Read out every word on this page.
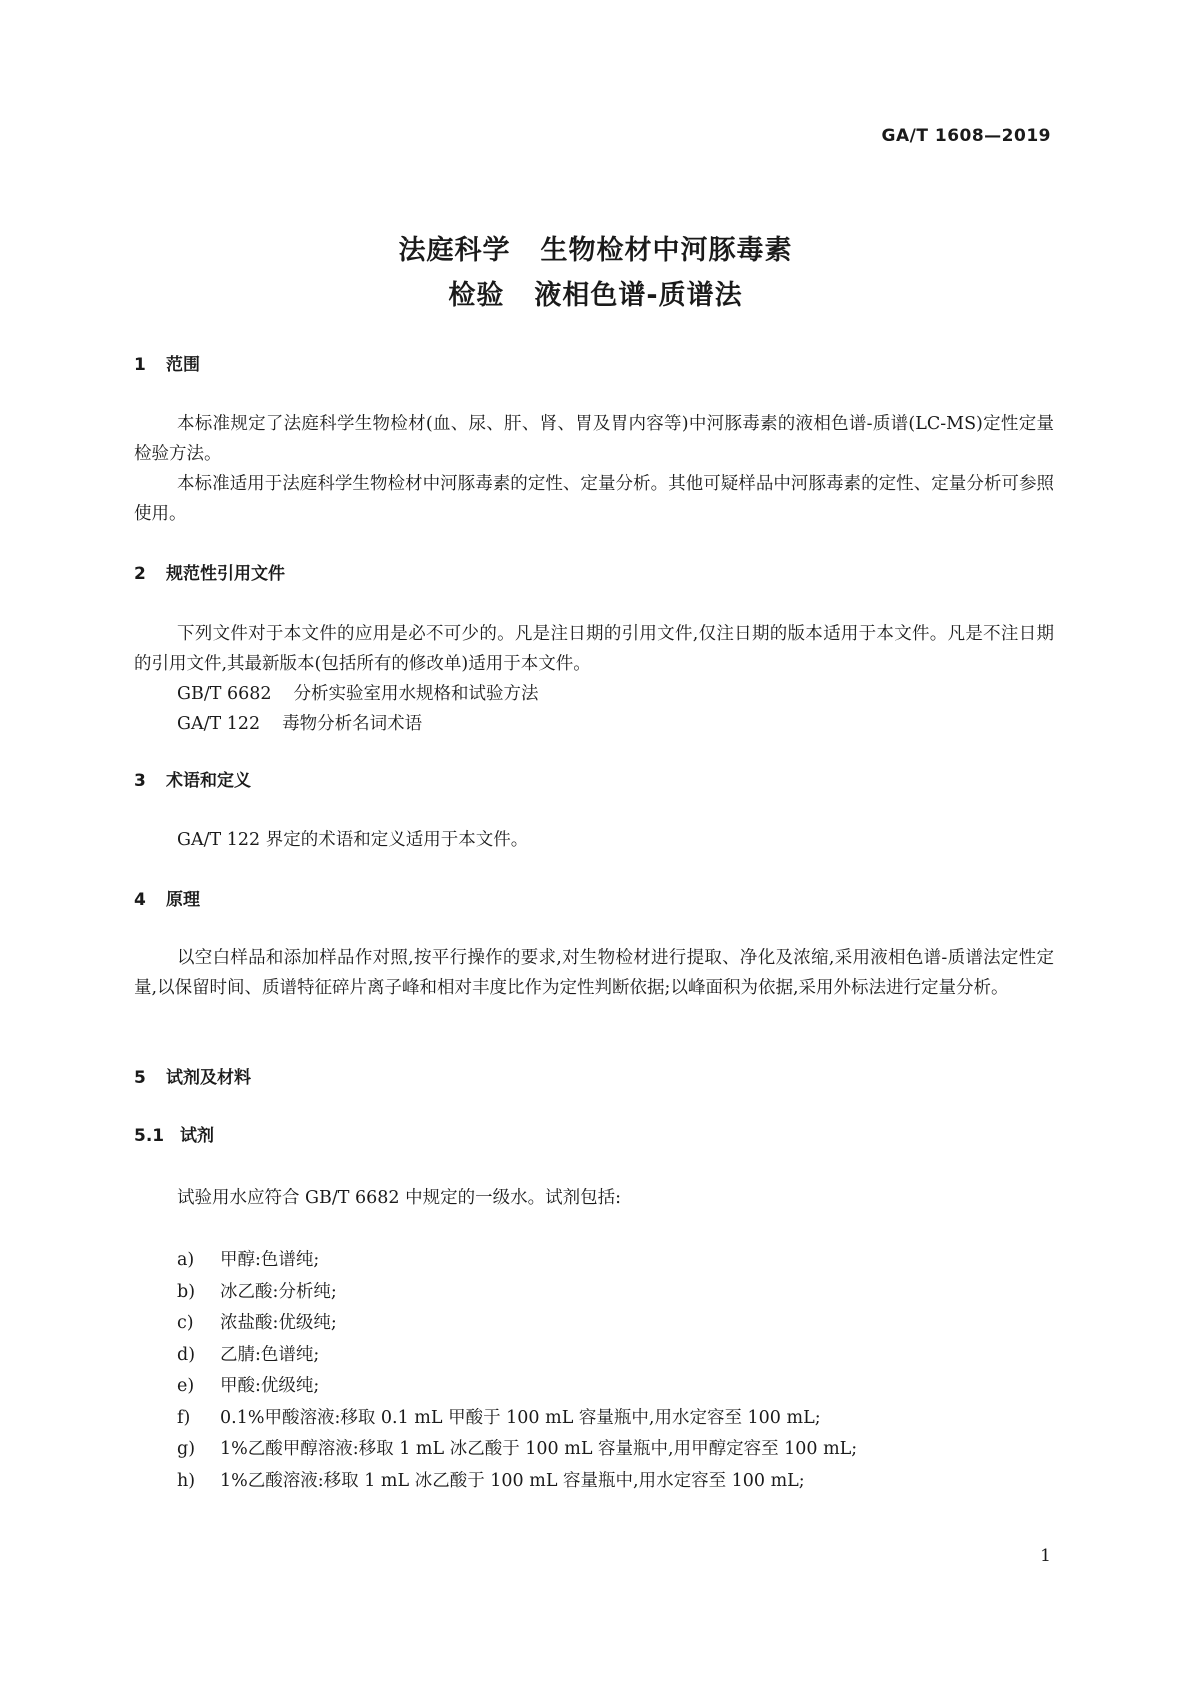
GA/T 1608—2019
法庭科学 生物检材中河豚毒素
检验 液相色谱-质谱法
1 范围
本标准规定了法庭科学生物检材(血、尿、肝、肾、胃及胃内容等)中河豚毒素的液相色谱-质谱(LC-MS)定性定量检验方法。
本标准适用于法庭科学生物检材中河豚毒素的定性、定量分析。其他可疑样品中河豚毒素的定性、定量分析可参照使用。
2 规范性引用文件
下列文件对于本文件的应用是必不可少的。凡是注日期的引用文件,仅注日期的版本适用于本文件。凡是不注日期的引用文件,其最新版本(包括所有的修改单)适用于本文件。
GB/T 6682 分析实验室用水规格和试验方法
GA/T 122 毒物分析名词术语
3 术语和定义
GA/T 122 界定的术语和定义适用于本文件。
4 原理
以空白样品和添加样品作对照,按平行操作的要求,对生物检材进行提取、净化及浓缩,采用液相色谱-质谱法定性定量,以保留时间、质谱特征碎片离子峰和相对丰度比作为定性判断依据;以峰面积为依据,采用外标法进行定量分析。
5 试剂及材料
5.1 试剂
试验用水应符合 GB/T 6682 中规定的一级水。试剂包括:
a) 甲醇:色谱纯;
b) 冰乙酸:分析纯;
c) 浓盐酸:优级纯;
d) 乙腈:色谱纯;
e) 甲酸:优级纯;
f) 0.1%甲酸溶液:移取 0.1 mL 甲酸于 100 mL 容量瓶中,用水定容至 100 mL;
g) 1%乙酸甲醇溶液:移取 1 mL 冰乙酸于 100 mL 容量瓶中,用甲醇定容至 100 mL;
h) 1%乙酸溶液:移取 1 mL 冰乙酸于 100 mL 容量瓶中,用水定容至 100 mL;
1
